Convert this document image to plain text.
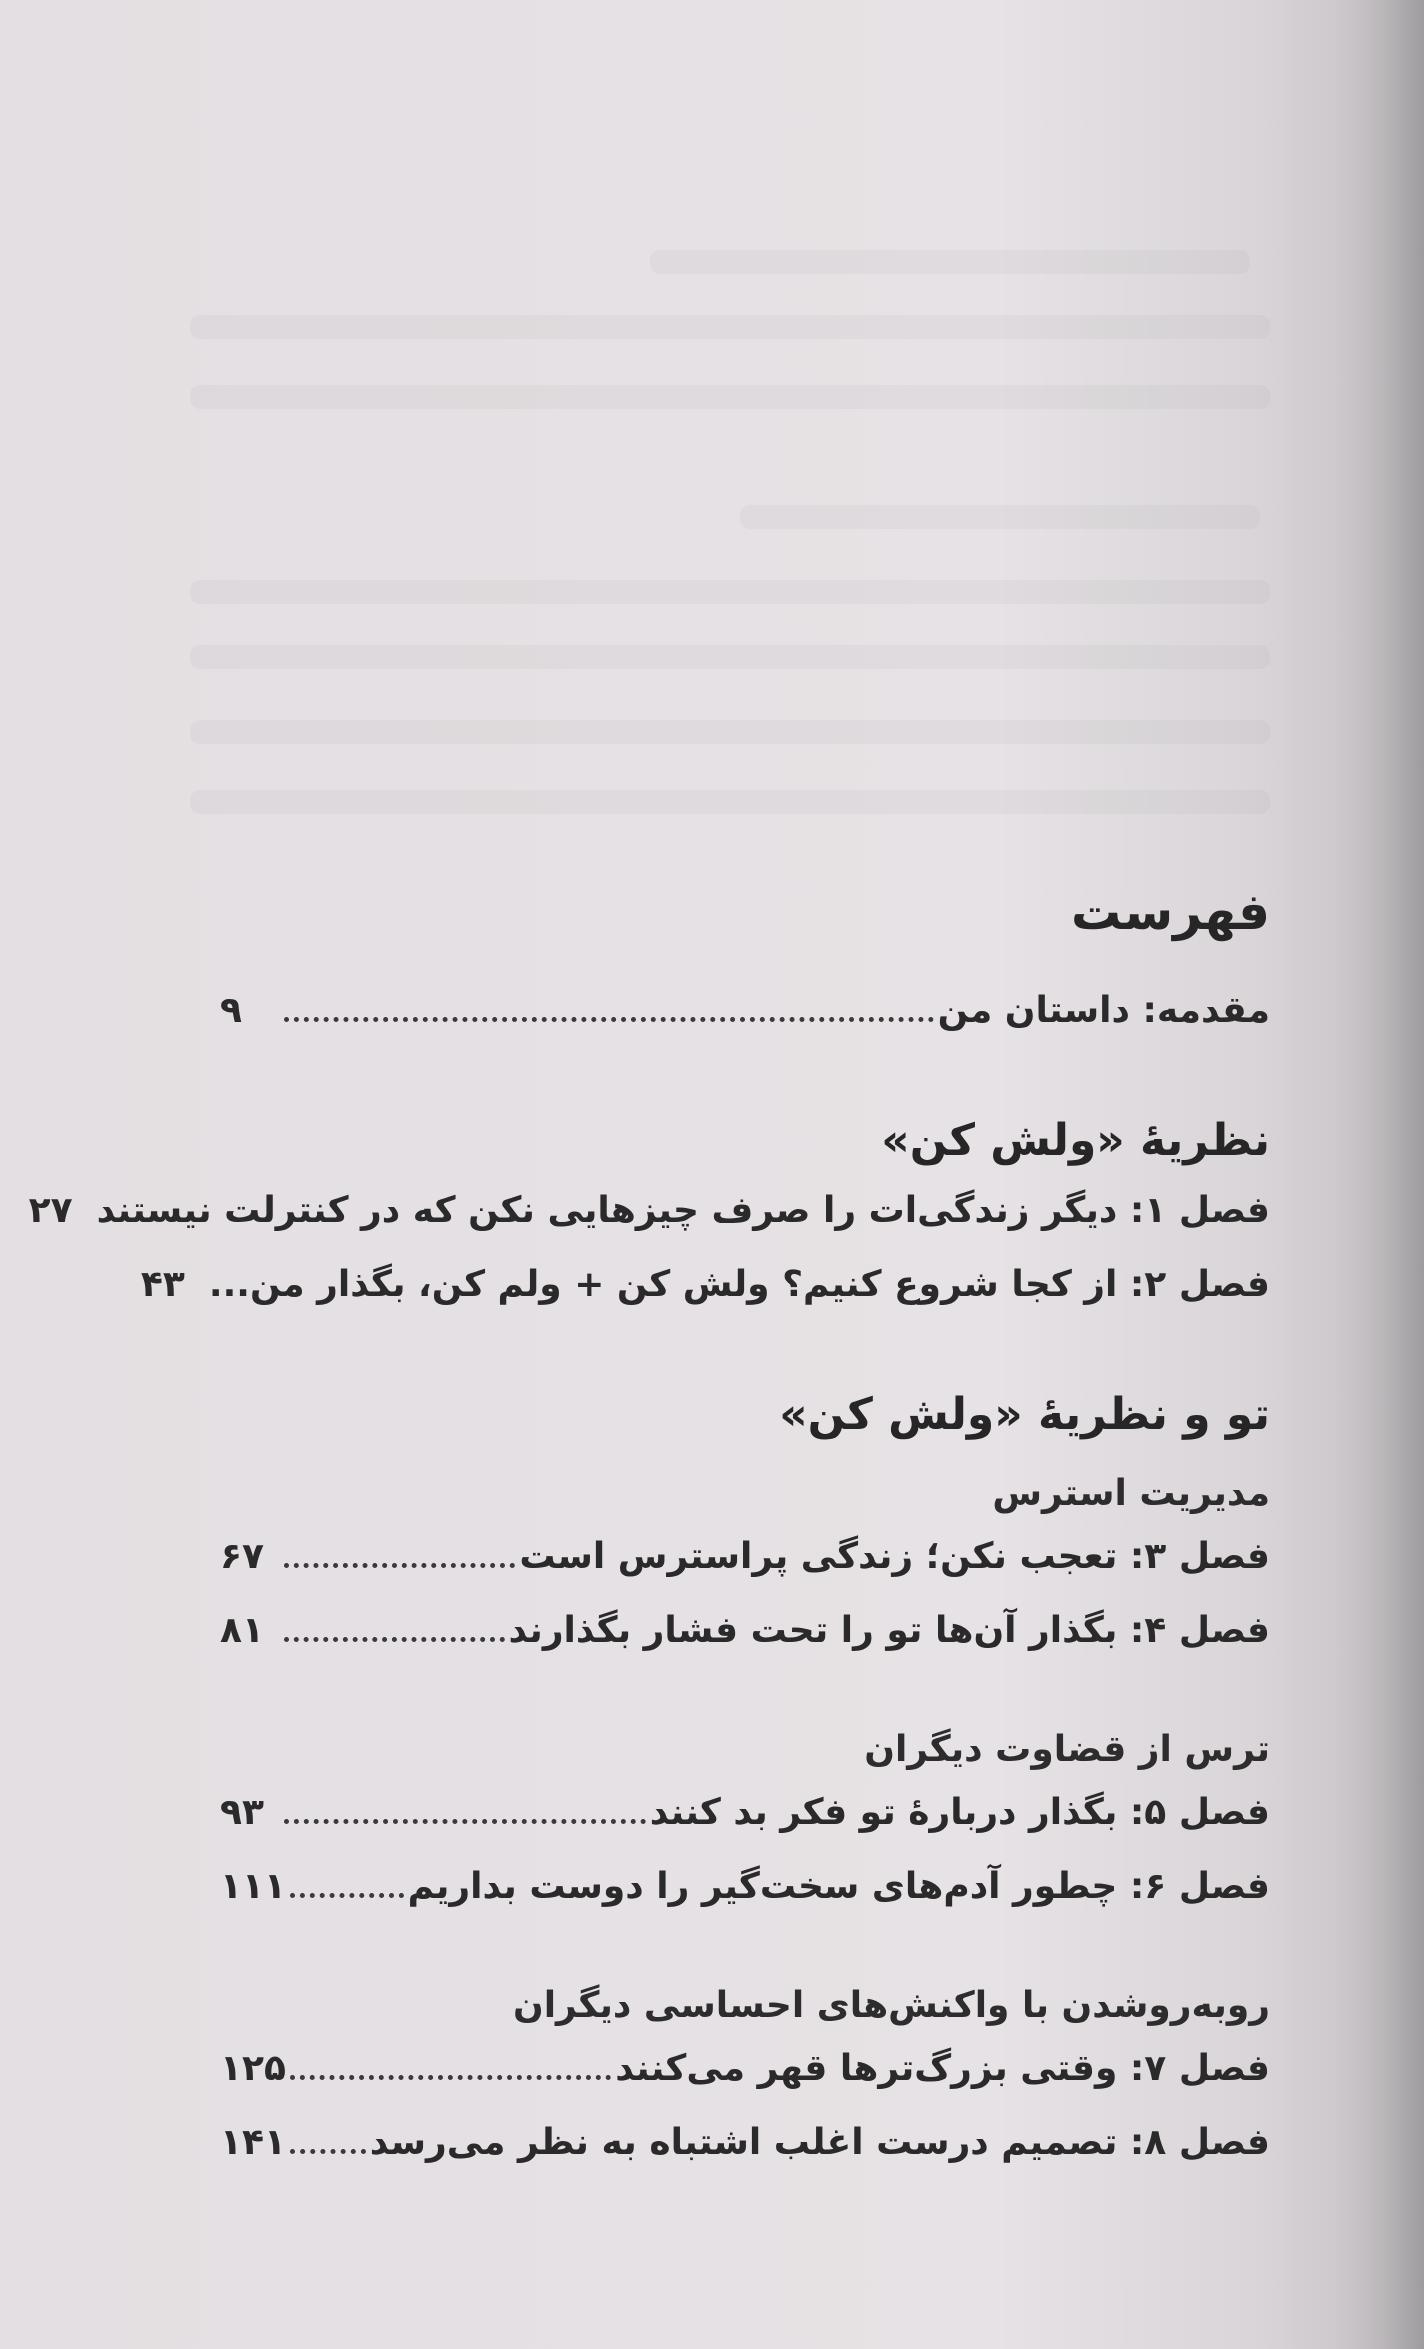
فهرست
مقدمه: داستان من
۹
نظریهٔ «ولش کن»
فصل ۱: دیگر زندگی‌ات را صرف چیزهایی نکن که در کنترلت نیستند
۲۷
فصل ۲: از کجا شروع کنیم؟ ولش کن + ولم کن، بگذار من...
۴۳
تو و نظریهٔ «ولش کن»
مدیریت استرس
فصل ۳: تعجب نکن؛ زندگی پراسترس است
۶۷
فصل ۴: بگذار آن‌ها تو را تحت فشار بگذارند
۸۱
ترس از قضاوت دیگران
فصل ۵: بگذار دربارهٔ تو فکر بد کنند
۹۳
فصل ۶: چطور آدم‌های سخت‌گیر را دوست بداریم
۱۱۱
روبه‌روشدن با واکنش‌های احساسی دیگران
فصل ۷: وقتی بزرگ‌ترها قهر می‌کنند
۱۲۵
فصل ۸: تصمیم درست اغلب اشتباه به نظر می‌رسد
۱۴۱
